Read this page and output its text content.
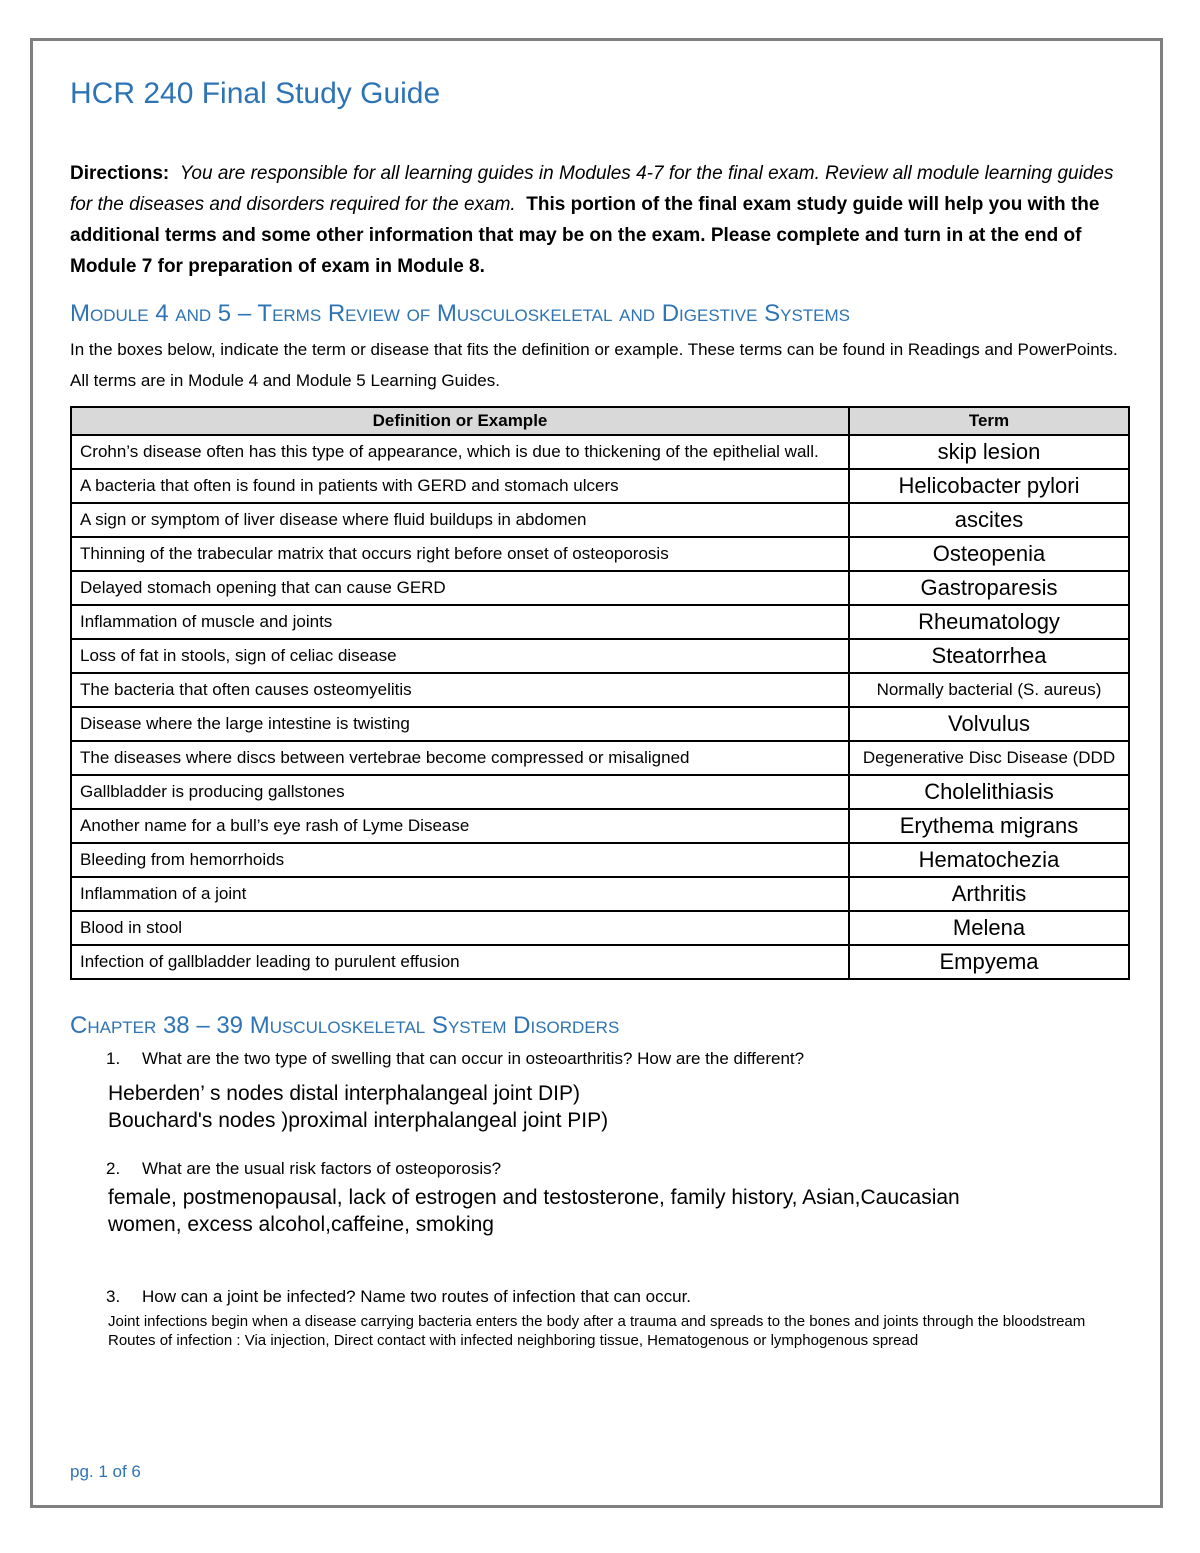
HCR 240 Final Study Guide
Directions: You are responsible for all learning guides in Modules 4-7 for the final exam. Review all module learning guides for the diseases and disorders required for the exam. This portion of the final exam study guide will help you with the additional terms and some other information that may be on the exam. Please complete and turn in at the end of Module 7 for preparation of exam in Module 8.
Module 4 and 5 – Terms Review of Musculoskeletal and Digestive Systems
In the boxes below, indicate the term or disease that fits the definition or example. These terms can be found in Readings and PowerPoints. All terms are in Module 4 and Module 5 Learning Guides.
Definition or Example	Term
Crohn’s disease often has this type of appearance, which is due to thickening of the epithelial wall.	skip lesion
A bacteria that often is found in patients with GERD and stomach ulcers	Helicobacter pylori
A sign or symptom of liver disease where fluid buildups in abdomen	ascites
Thinning of the trabecular matrix that occurs right before onset of osteoporosis	Osteopenia
Delayed stomach opening that can cause GERD	Gastroparesis
Inflammation of muscle and joints	Rheumatology
Loss of fat in stools, sign of celiac disease	Steatorrhea
The bacteria that often causes osteomyelitis	Normally bacterial (S. aureus)
Disease where the large intestine is twisting	Volvulus
The diseases where discs between vertebrae become compressed or misaligned	Degenerative Disc Disease (DDD
Gallbladder is producing gallstones	Cholelithiasis
Another name for a bull’s eye rash of Lyme Disease	Erythema migrans
Bleeding from hemorrhoids	Hematochezia
Inflammation of a joint	Arthritis
Blood in stool	Melena
Infection of gallbladder leading to purulent effusion	Empyema
Chapter 38 – 39 Musculoskeletal System Disorders
1. What are the two type of swelling that can occur in osteoarthritis? How are the different?
Heberden’ s nodes distal interphalangeal joint DIP)
Bouchard's nodes )proximal interphalangeal joint PIP)
2. What are the usual risk factors of osteoporosis?
female, postmenopausal, lack of estrogen and testosterone, family history, Asian,Caucasian
women, excess alcohol,caffeine, smoking
3. How can a joint be infected? Name two routes of infection that can occur.
Joint infections begin when a disease carrying bacteria enters the body after a trauma and spreads to the bones and joints through the bloodstream
Routes of infection : Via injection, Direct contact with infected neighboring tissue, Hematogenous or lymphogenous spread
pg. 1 of 6
